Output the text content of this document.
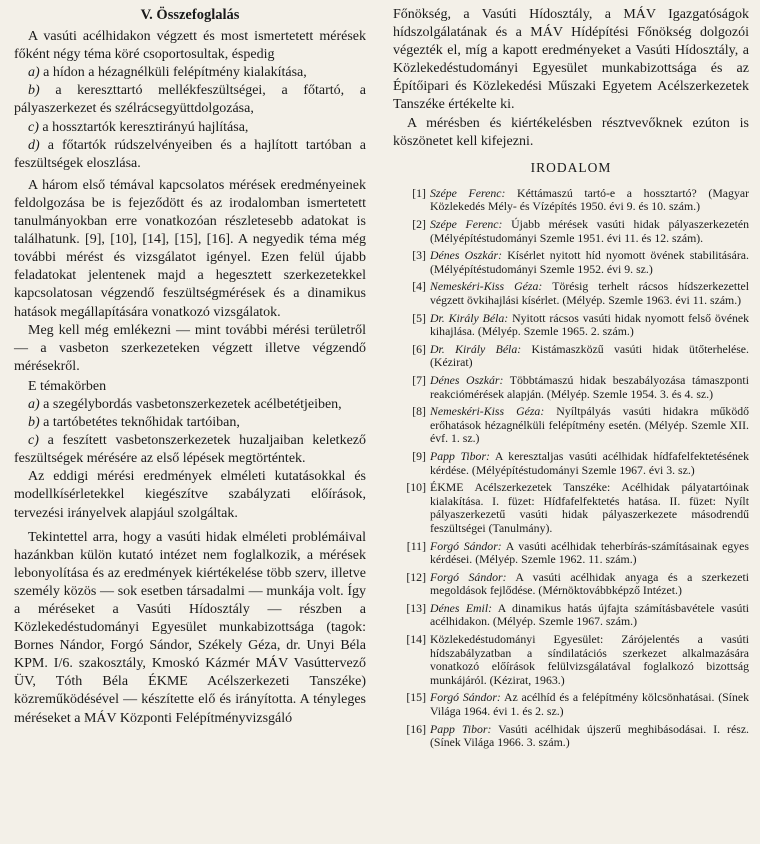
V. Összefoglalás

A vasúti acélhidakon végzett és most ismertetett mérések főként négy téma köré csoportosultak, éspedig

a) a hídon a hézagnélküli felépítmény kialakítása,

b) a kereszttartó mellékfeszültségei, a főtartó, a pályaszerkezet és szélrácsegyüttdolgozása,

c) a hossztartók keresztirányú hajlítása,

d) a főtartók rúdszelvényeiben és a hajlított tartóban a feszültségek eloszlása.

A három első témával kapcsolatos mérések eredményeinek feldolgozása be is fejeződött és az irodalomban ismertetett tanulmányokban erre vonatkozóan részletesebb adatokat is találhatunk. [9], [10], [14], [15], [16]. A negyedik téma még további mérést és vizsgálatot igényel. Ezen felül újabb feladatokat jelentenek majd a hegesztett szerkezetekkel kapcsolatosan végzendő feszültségmérések és a dinamikus hatások megállapítására vonatkozó vizsgálatok.

Meg kell még emlékezni — mint további mérési területről — a vasbeton szerkezeteken végzett illetve végzendő mérésekről.

E témakörben

a) a szegélybordás vasbetonszerkezetek acélbetétjeiben,

b) a tartóbetétes teknőhidak tartóiban,

c) a feszített vasbetonszerkezetek huzaljaiban keletkező feszültségek mérésére az első lépések megtörténtek.

Az eddigi mérési eredmények elméleti kutatásokkal és modellkísérletekkel kiegészítve szabályzati előírások, tervezési irányelvek alapjául szolgáltak.

Tekintettel arra, hogy a vasúti hidak elméleti problémáival hazánkban külön kutató intézet nem foglalkozik, a mérések lebonyolítása és az eredmények kiértékelése több szerv, illetve személy közös — sok esetben társadalmi — munkája volt. Így a méréseket a Vasúti Hídosztály — részben a Közlekedéstudományi Egyesület munkabizottsága (tagok: Bornes Nándor, Forgó Sándor, Székely Géza, dr. Unyi Béla KPM. I/6. szakosztály, Kmoskó Kázmér MÁV Vasúttervező ÜV, Tóth Béla ÉKME Acélszerkezeti Tanszéke) közreműködésével — készítette elő és irányította. A tényleges méréseket a MÁV Központi Felépítményvizsgáló

Főnökség, a Vasúti Hídosztály, a MÁV Igazgatóságok hídszolgálatának és a MÁV Hídépítési Főnökség dolgozói végezték el, míg a kapott eredményeket a Vasúti Hídosztály, a Közlekedéstudományi Egyesület munkabizottsága és az Építőipari és Közlekedési Műszaki Egyetem Acélszerkezetek Tanszéke értékelte ki.

A mérésben és kiértékelésben résztvevőknek ezúton is köszönetet kell kifejezni.

IRODALOM
[1] Szépe Ferenc: Kéttámaszú tartó-e a hossztartó? (Magyar Közlekedés Mély- és Vízépítés 1950. évi 9. és 10. szám.)
[2] Szépe Ferenc: Újabb mérések vasúti hidak pályaszerkezetén (Mélyépítéstudományi Szemle 1951. évi 11. és 12. szám).
[3] Dénes Oszkár: Kísérlet nyitott híd nyomott övének stabilitására. (Mélyépítéstudományi Szemle 1952. évi 9. sz.)
[4] Nemeskéri-Kiss Géza: Törésig terhelt rácsos hídszerkezettel végzett övkihajlási kísérlet. (Mélyép. Szemle 1963. évi 11. szám.)
[5] Dr. Király Béla: Nyitott rácsos vasúti hidak nyomott felső övének kihajlása. (Mélyép. Szemle 1965. 2. szám.)
[6] Dr. Király Béla: Kistámaszközű vasúti hidak ütőterhelése. (Kézirat)
[7] Dénes Oszkár: Többtámaszú hidak beszabályozása támaszponti reakciómérések alapján. (Mélyép. Szemle 1954. 3. és 4. sz.)
[8] Nemeskéri-Kiss Géza: Nyíltpályás vasúti hidakra működő erőhatások hézagnélküli felépítmény esetén. (Mélyép. Szemle XII. évf. 1. sz.)
[9] Papp Tibor: A keresztaljas vasúti acélhidak hídfafelfektetésének kérdése. (Mélyépítéstudományi Szemle 1967. évi 3. sz.)
[10] ÉKME Acélszerkezetek Tanszéke: Acélhidak pályatartóinak kialakítása. I. füzet: Hídfafelfektetés hatása. II. füzet: Nyílt pályaszerkezetű vasúti hidak pályaszerkezete másodrendű feszültségei (Tanulmány).
[11] Forgó Sándor: A vasúti acélhidak teherbírás-számításainak egyes kérdései. (Mélyép. Szemle 1962. 11. szám.)
[12] Forgó Sándor: A vasúti acélhidak anyaga és a szerkezeti megoldások fejlődése. (Mérnöktovábbképző Intézet.)
[13] Dénes Emil: A dinamikus hatás újfajta számításbavétele vasúti acélhidakon. (Mélyép. Szemle 1967. szám.)
[14] Közlekedéstudományi Egyesület: Zárójelentés a vasúti hídszabályzatban a síndilatációs szerkezet alkalmazására vonatkozó előírások felülvizsgálatával foglalkozó bizottság munkájáról. (Kézirat, 1963.)
[15] Forgó Sándor: Az acélhíd és a felépítmény kölcsönhatásai. (Sínek Világa 1964. évi 1. és 2. sz.)
[16] Papp Tibor: Vasúti acélhidak újszerű meghibásodásai. I. rész. (Sínek Világa 1966. 3. szám.)
